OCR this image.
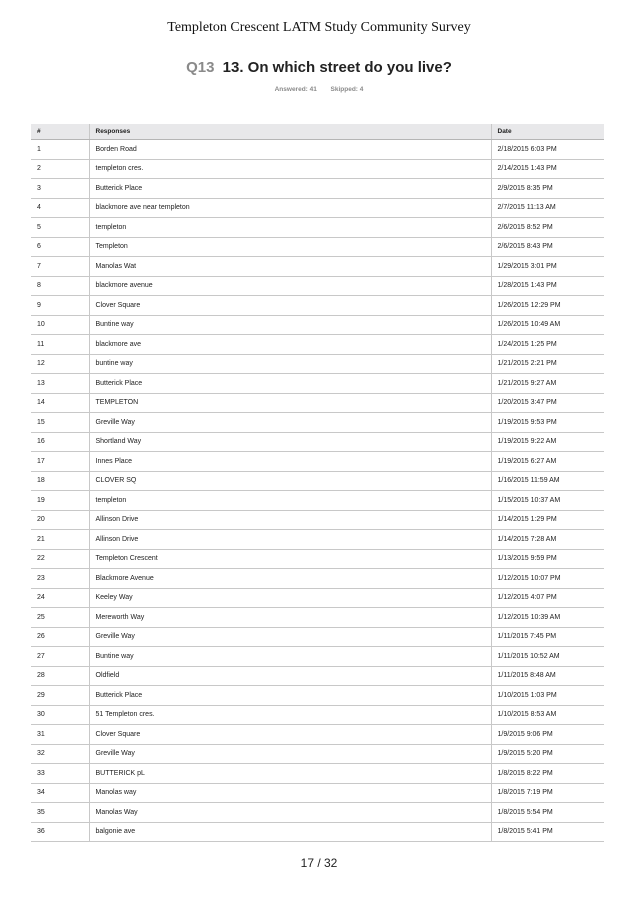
Templeton Crescent LATM Study Community Survey
Q13 13. On which street do you live?
Answered: 41 Skipped: 4
#	Responses	Date
1	Borden Road	2/18/2015 6:03 PM
2	templeton cres.	2/14/2015 1:43 PM
3	Butterick Place	2/9/2015 8:35 PM
4	blackmore ave near templeton	2/7/2015 11:13 AM
5	templeton	2/6/2015 8:52 PM
6	Templeton	2/6/2015 8:43 PM
7	Manolas Wat	1/29/2015 3:01 PM
8	blackmore avenue	1/28/2015 1:43 PM
9	Clover Square	1/26/2015 12:29 PM
10	Buntine way	1/26/2015 10:49 AM
11	blackmore ave	1/24/2015 1:25 PM
12	buntine way	1/21/2015 2:21 PM
13	Butterick Place	1/21/2015 9:27 AM
14	TEMPLETON	1/20/2015 3:47 PM
15	Greville Way	1/19/2015 9:53 PM
16	Shortland Way	1/19/2015 9:22 AM
17	Innes Place	1/19/2015 6:27 AM
18	CLOVER SQ	1/16/2015 11:59 AM
19	templeton	1/15/2015 10:37 AM
20	Allinson Drive	1/14/2015 1:29 PM
21	Allinson Drive	1/14/2015 7:28 AM
22	Templeton Crescent	1/13/2015 9:59 PM
23	Blackmore Avenue	1/12/2015 10:07 PM
24	Keeley Way	1/12/2015 4:07 PM
25	Mereworth Way	1/12/2015 10:39 AM
26	Greville Way	1/11/2015 7:45 PM
27	Buntine way	1/11/2015 10:52 AM
28	Oldfield	1/11/2015 8:48 AM
29	Butterick Place	1/10/2015 1:03 PM
30	51 Templeton cres.	1/10/2015 8:53 AM
31	Clover Square	1/9/2015 9:06 PM
32	Greville Way	1/9/2015 5:20 PM
33	BUTTERICK pL	1/8/2015 8:22 PM
34	Manolas way	1/8/2015 7:19 PM
35	Manolas Way	1/8/2015 5:54 PM
36	balgonie ave	1/8/2015 5:41 PM
17 / 32
